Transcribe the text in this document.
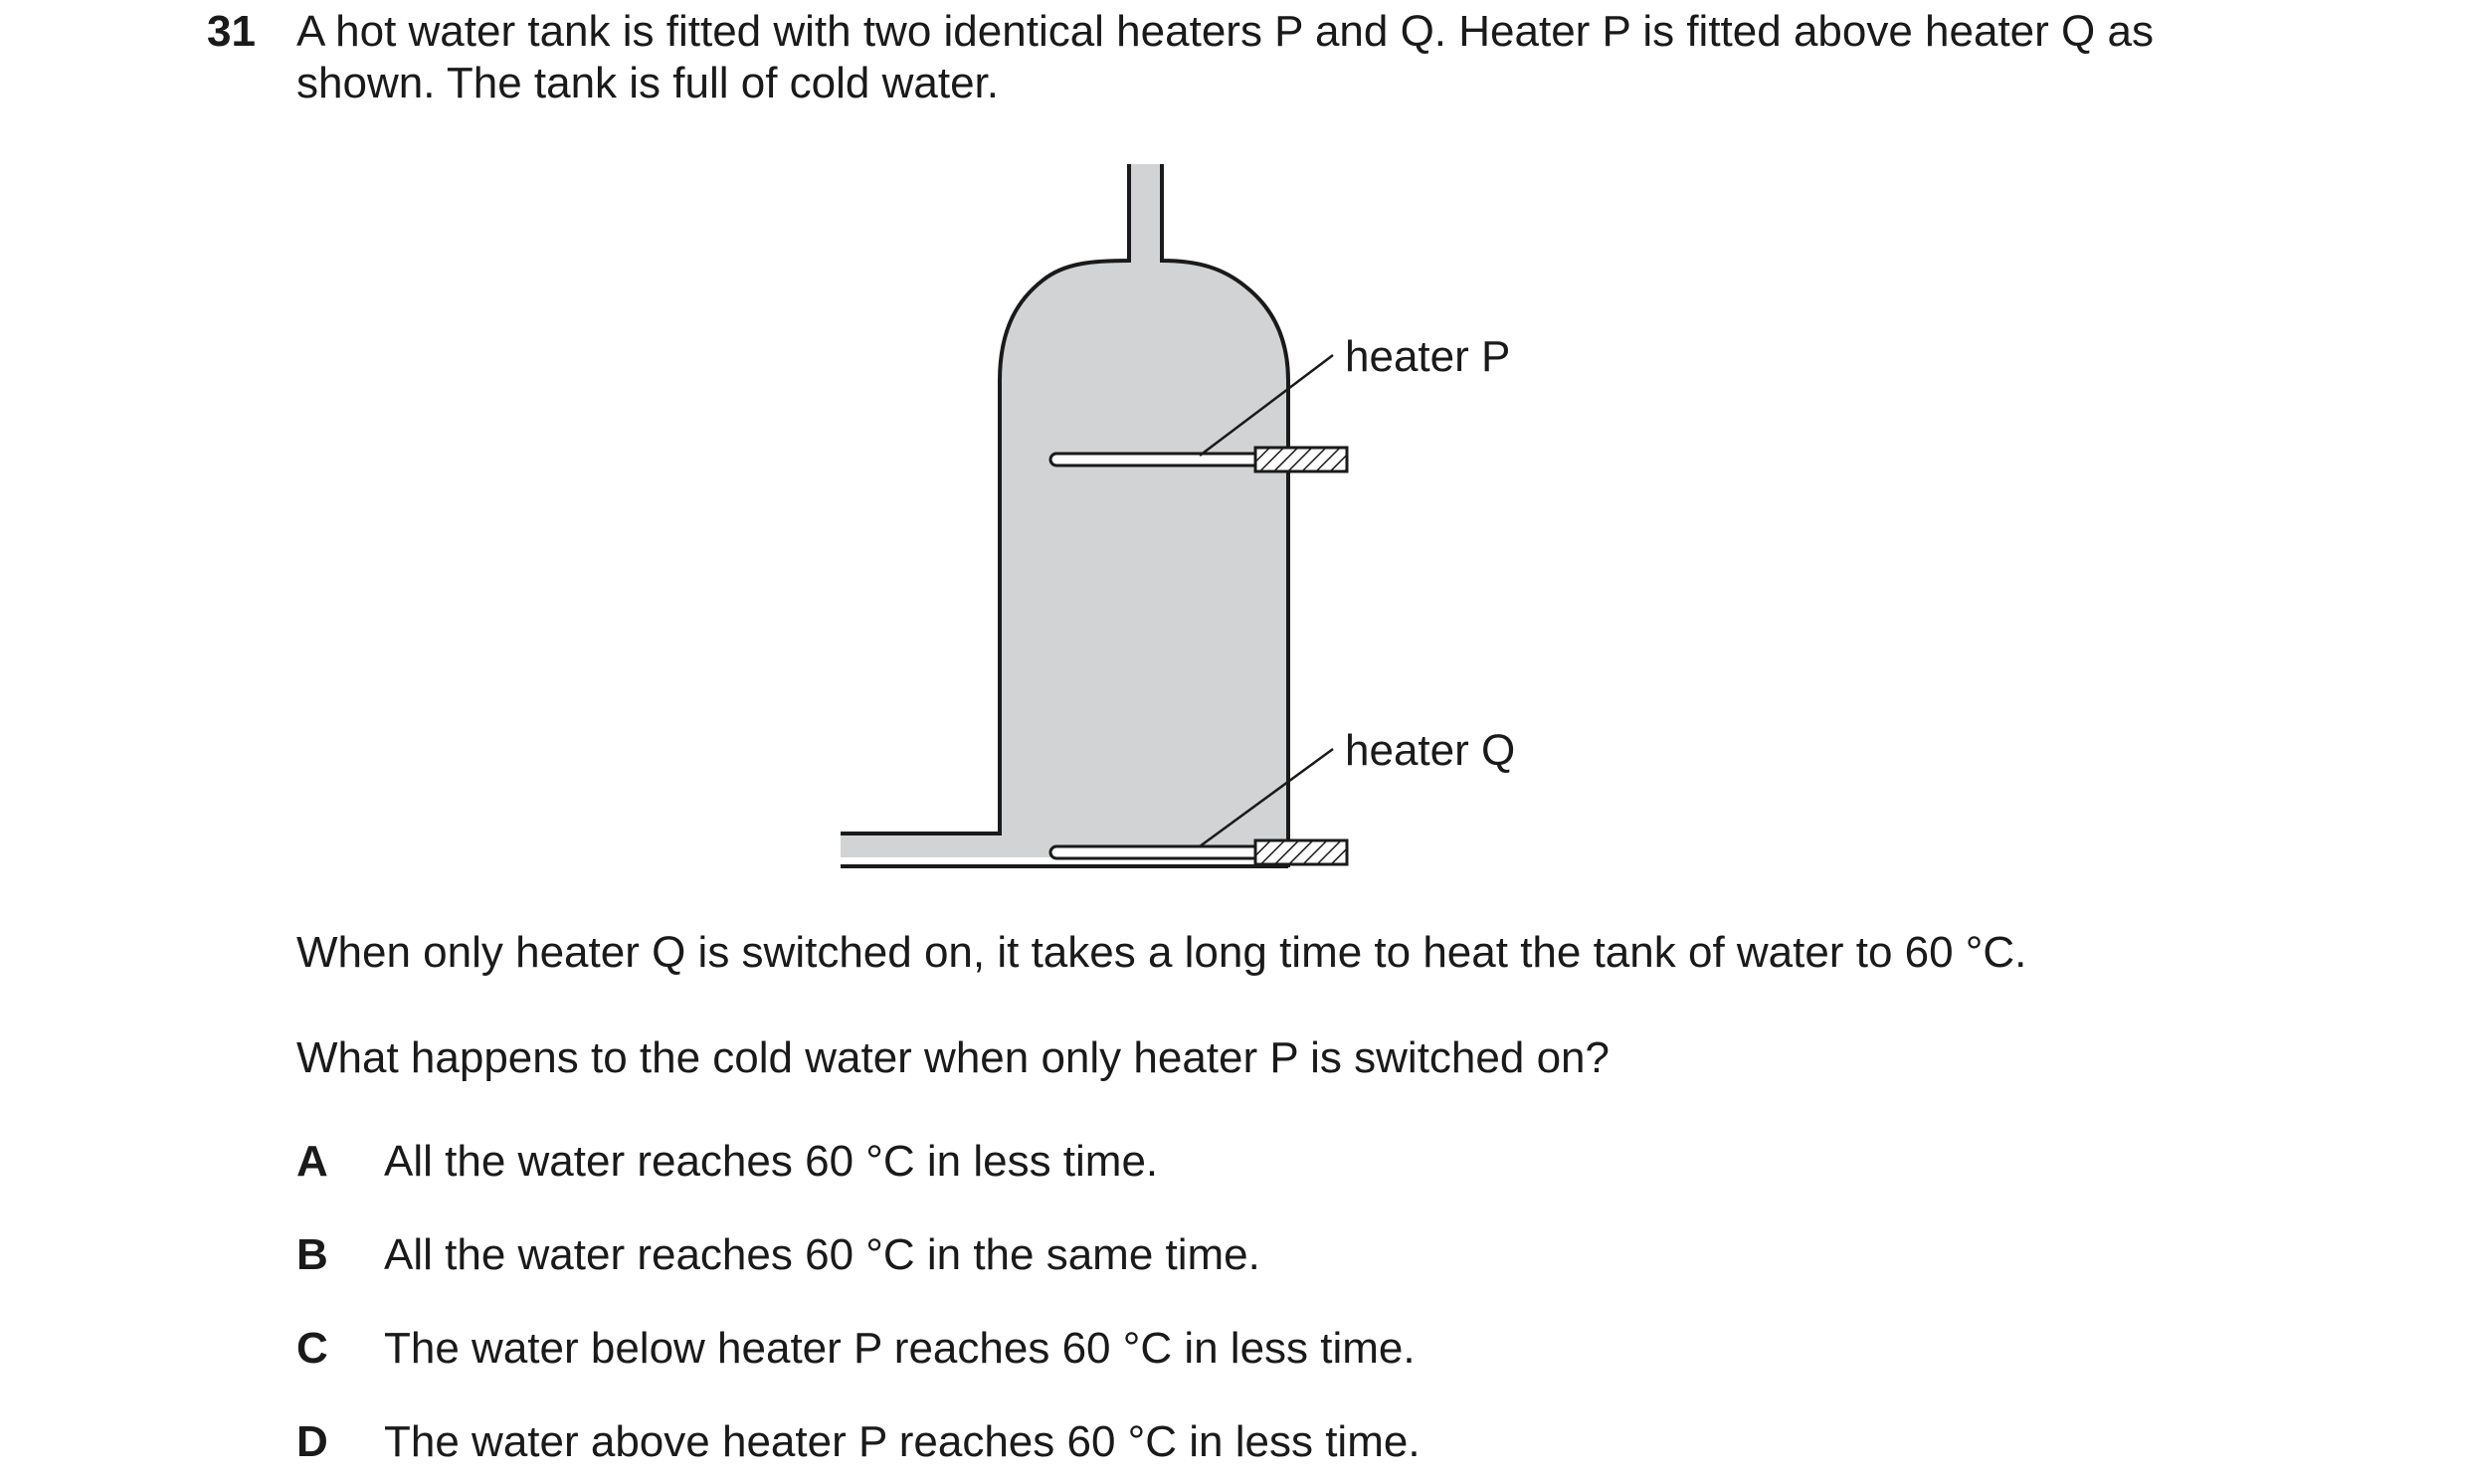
31 A hot water tank is fitted with two identical heaters P and Q. Heater P is fitted above heater Q as
shown. The tank is full of cold water.
heater P
heater Q

When only heater Q is switched on, it takes a long time to heat the tank of water to 60 °C.

What happens to the cold water when only heater P is switched on?

A All the water reaches 60 °C in less time.
B All the water reaches 60 °C in the same time.
C The water below heater P reaches 60 °C in less time.
D The water above heater P reaches 60 °C in less time.
